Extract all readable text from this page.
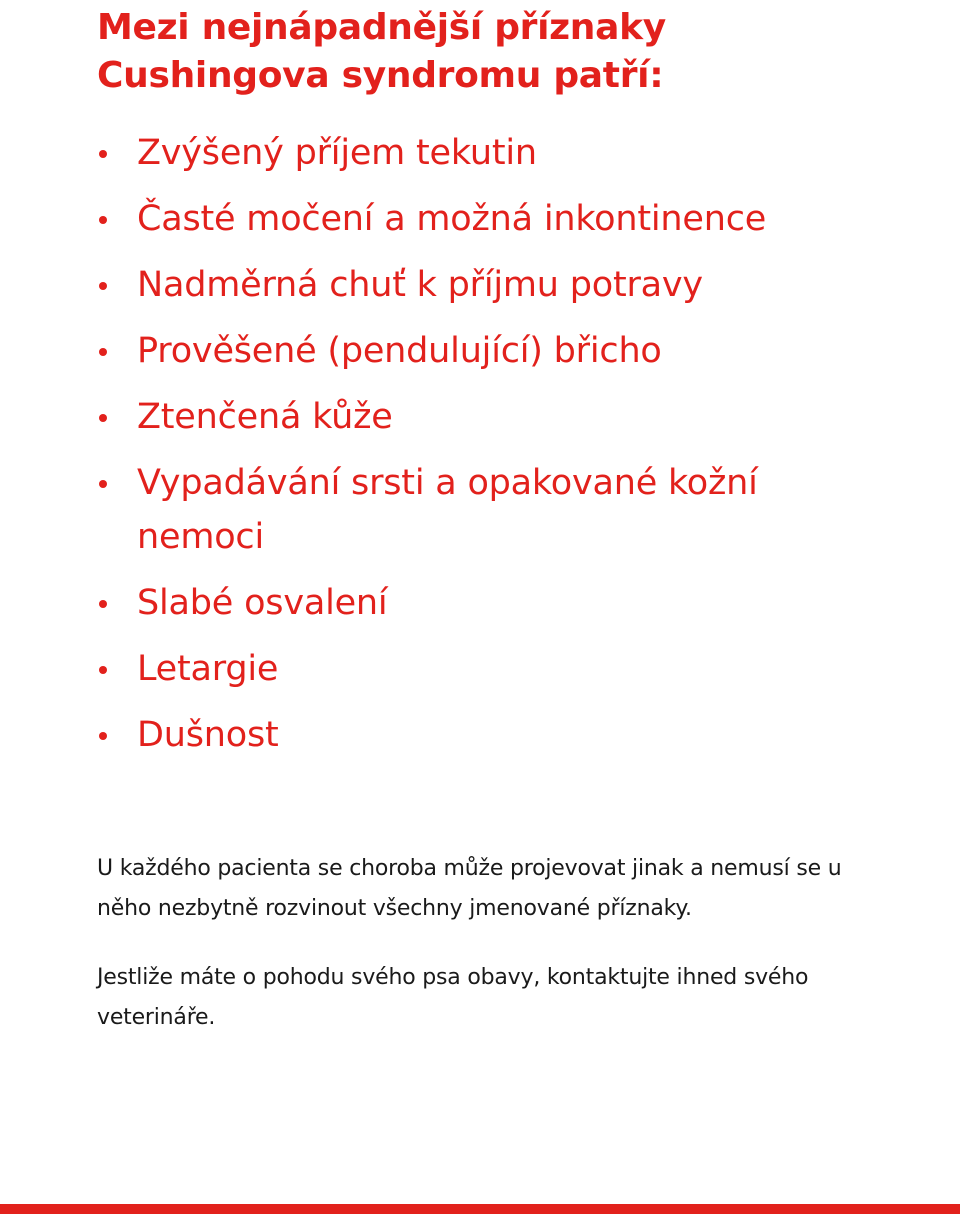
Mezi nejnápadnější příznaky
Cushingova syndromu patří:
Zvýšený příjem tekutin
Časté močení a možná inkontinence
Nadměrná chuť k příjmu potravy
Prověšené (pendulující) břicho
Ztenčená kůže
Vypadávání srsti a opakované kožní nemoci
Slabé osvalení
Letargie
Dušnost

U každého pacienta se choroba může projevovat jinak a nemusí se u něho nezbytně rozvinout všechny jmenované příznaky.

Jestliže máte o pohodu svého psa obavy, kontaktujte ihned svého veterináře.
